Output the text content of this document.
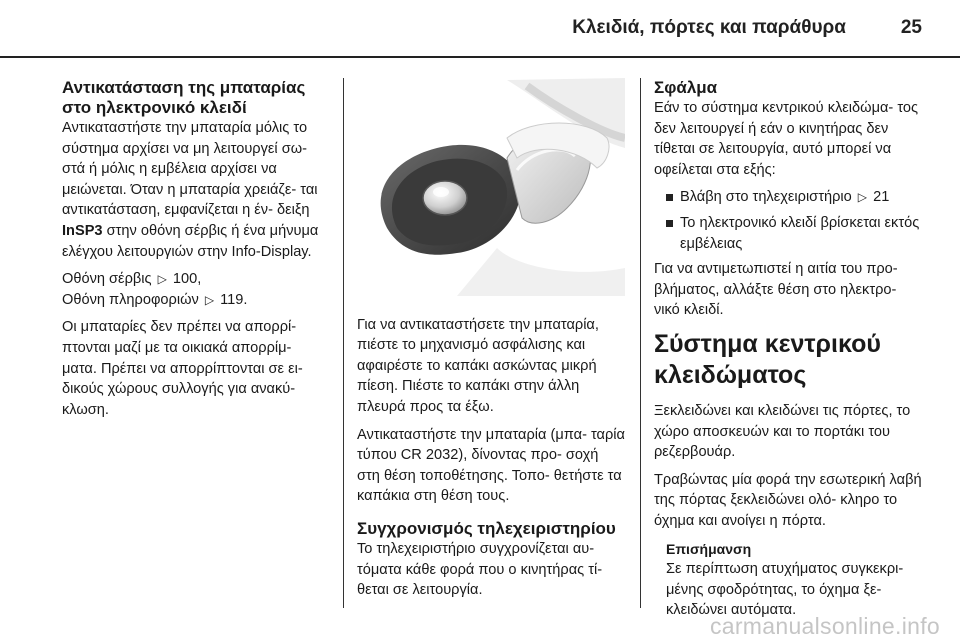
Κλειδιά, πόρτες και παράθυρα	25
Αντικατάσταση της μπαταρίας
στο ηλεκτρονικό κλειδί

Αντικαταστήστε την μπαταρία μόλις το σύστημα αρχίσει να μη λειτουργεί σω- στά ή μόλις η εμβέλεια αρχίσει να μειώνεται. Όταν η μπαταρία χρειάζε- ται αντικατάσταση, εμφανίζεται η έν- δειξη InSP3 στην οθόνη σέρβις ή ένα μήνυμα ελέγχου λειτουργιών στην Info-Display.

Οθόνη σέρβις ▷ 100,
Οθόνη πληροφοριών ▷ 119.

Οι μπαταρίες δεν πρέπει να απορρί- πτονται μαζί με τα οικιακά απορρίμ- ματα. Πρέπει να απορρίπτονται σε ει- δικούς χώρους συλλογής για ανακύ- κλωση.

Για να αντικαταστήσετε την μπαταρία, πιέστε το μηχανισμό ασφάλισης και αφαιρέστε το καπάκι ασκώντας μικρή πίεση. Πιέστε το καπάκι στην άλλη πλευρά προς τα έξω.

Αντικαταστήστε την μπαταρία (μπα- ταρία τύπου CR 2032), δίνοντας προ- σοχή στη θέση τοποθέτησης. Τοπο- θετήστε τα καπάκια στη θέση τους.

Συγχρονισμός τηλεχειριστηρίου

Το τηλεχειριστήριο συγχρονίζεται αυ- τόματα κάθε φορά που ο κινητήρας τί- θεται σε λειτουργία.

Σφάλμα

Εάν το σύστημα κεντρικού κλειδώμα- τος δεν λειτουργεί ή εάν ο κινητήρας δεν τίθεται σε λειτουργία, αυτό μπορεί να οφείλεται στα εξής:

Βλάβη στο τηλεχειριστήριο ▷ 21
Το ηλεκτρονικό κλειδί βρίσκεται εκτός εμβέλειας

Για να αντιμετωπιστεί η αιτία του προ- βλήματος, αλλάξτε θέση στο ηλεκτρο- νικό κλειδί.

Σύστημα κεντρικού
κλειδώματος

Ξεκλειδώνει και κλειδώνει τις πόρτες, το χώρο αποσκευών και το πορτάκι του ρεζερβουάρ.

Τραβώντας μία φορά την εσωτερική λαβή της πόρτας ξεκλειδώνει ολό- κληρο το όχημα και ανοίγει η πόρτα.

Επισήμανση
Σε περίπτωση ατυχήματος συγκεκρι- μένης σφοδρότητας, το όχημα ξε- κλειδώνει αυτόματα.
carmanualsonline.info
